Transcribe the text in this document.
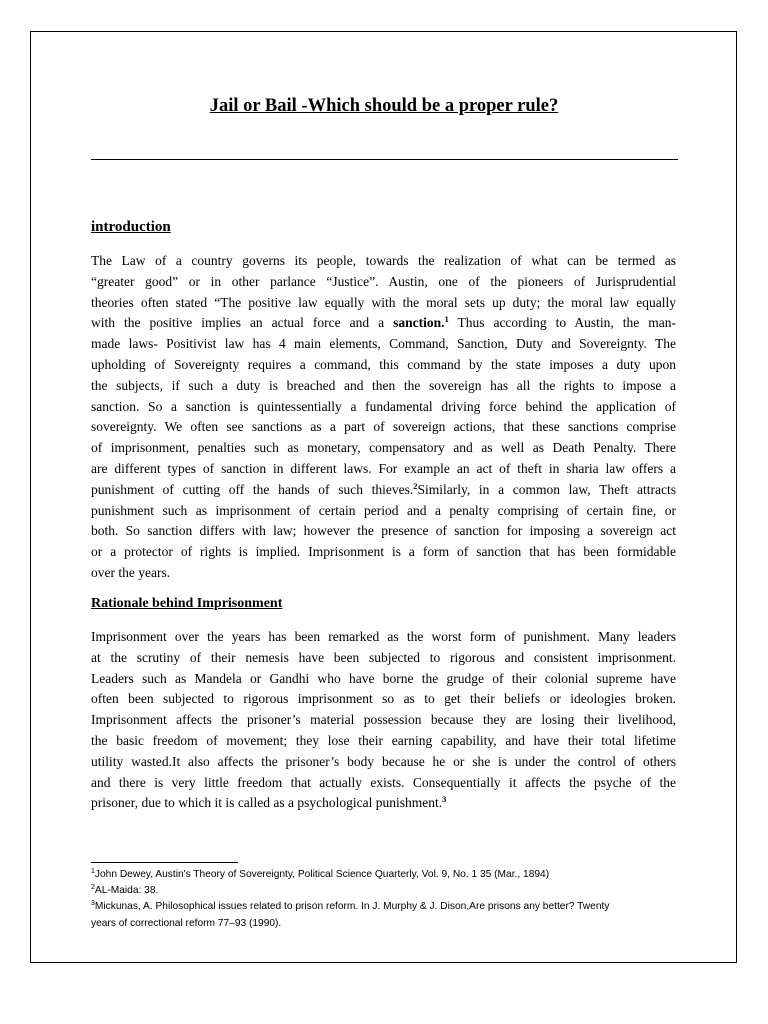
Jail or Bail -Which should be a proper rule?
introduction
The Law of a country governs its people, towards the realization of what can be termed as
“greater good” or in other parlance “Justice”. Austin, one of the pioneers of Jurisprudential
theories often stated “The positive law equally with the moral sets up duty; the moral law equally
with the positive implies an actual force and a sanction.$^1$ Thus according to Austin, the man-
made laws- Positivist law has 4 main elements, Command, Sanction, Duty and Sovereignty. The
upholding of Sovereignty requires a command, this command by the state imposes a duty upon
the subjects, if such a duty is breached and then the sovereign has all the rights to impose a
sanction. So a sanction is quintessentially a fundamental driving force behind the application of
sovereignty. We often see sanctions as a part of sovereign actions, that these sanctions comprise
of imprisonment, penalties such as monetary, compensatory and as well as Death Penalty. There
are different types of sanction in different laws. For example an act of theft in sharia law offers a
punishment of cutting off the hands of such thieves.$^2$Similarly, in a common law, Theft attracts
punishment such as imprisonment of certain period and a penalty comprising of certain fine, or
both. So sanction differs with law; however the presence of sanction for imposing a sovereign act
or a protector of rights is implied. Imprisonment is a form of sanction that has been formidable
over the years.
Rationale behind Imprisonment
Imprisonment over the years has been remarked as the worst form of punishment. Many leaders
at the scrutiny of their nemesis have been subjected to rigorous and consistent imprisonment.
Leaders such as Mandela or Gandhi who have borne the grudge of their colonial supreme have
often been subjected to rigorous imprisonment so as to get their beliefs or ideologies broken.
Imprisonment affects the prisoner’s material possession because they are losing their livelihood,
the basic freedom of movement; they lose their earning capability, and have their total lifetime
utility wasted.It also affects the prisoner’s body because he or she is under the control of others
and there is very little freedom that actually exists. Consequentially it affects the psyche of the
prisoner, due to which it is called as a psychological punishment.$^3$
$^1$John Dewey, Austin's Theory of Sovereignty, Political Science Quarterly, Vol. 9, No. 1 35 (Mar., 1894)
$^2$AL-Maida: 38.
$^3$Mickunas, A. Philosophical issues related to prison reform. In J. Murphy & J. Dison,Are prisons any better? Twenty
years of correctional reform 77–93 (1990).
